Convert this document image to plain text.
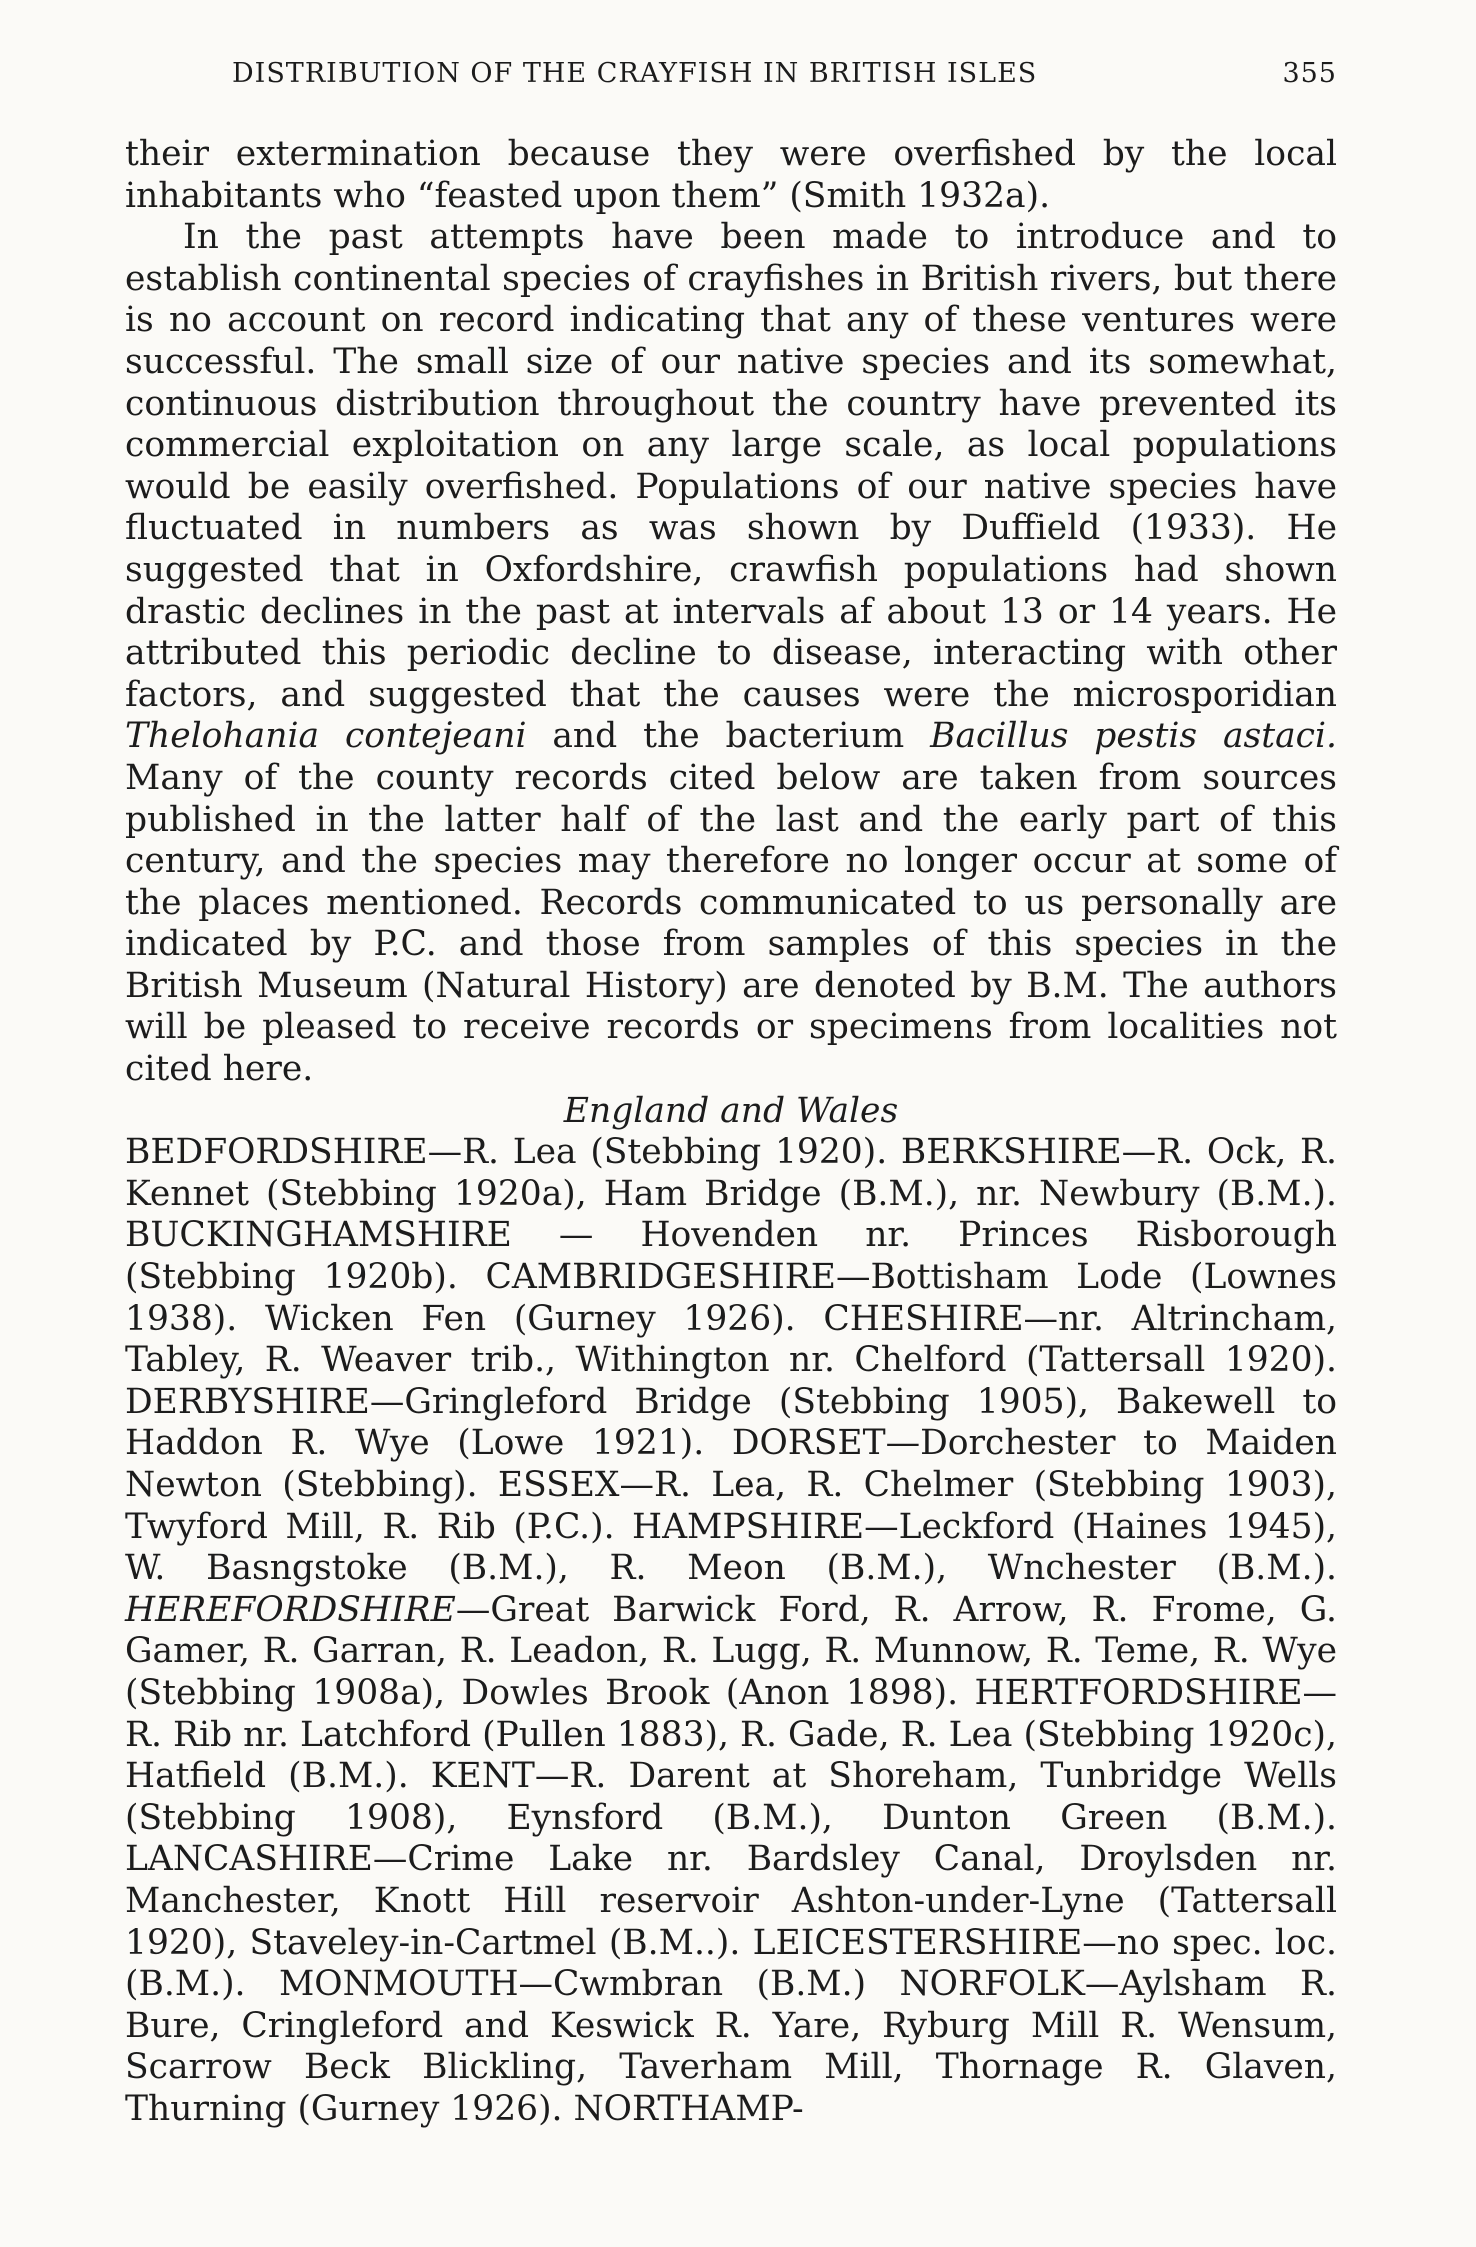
DISTRIBUTION OF THE CRAYFISH IN BRITISH ISLES	355

their extermination because they were overfished by the local inhabitants who “feasted upon them” (Smith 1932a).

In the past attempts have been made to introduce and to establish continental species of crayfishes in British rivers, but there is no account on record indicating that any of these ventures were successful. The small size of our native species and its somewhat, continuous distribution throughout the country have prevented its commercial exploitation on any large scale, as local populations would be easily overfished. Populations of our native species have fluctuated in numbers as was shown by Duffield (1933). He suggested that in Oxfordshire, crawfish populations had shown drastic declines in the past at intervals af about 13 or 14 years. He attributed this periodic decline to disease, interacting with other factors, and suggested that the causes were the microsporidian Thelohania contejeani and the bacterium Bacillus pestis astaci. Many of the county records cited below are taken from sources published in the latter half of the last and the early part of this century, and the species may therefore no longer occur at some of the places mentioned. Records communicated to us personally are indicated by P.C. and those from samples of this species in the British Museum (Natural History) are denoted by B.M. The authors will be pleased to receive records or specimens from localities not cited here.

England and Wales

BEDFORDSHIRE—R. Lea (Stebbing 1920). BERKSHIRE—R. Ock, R. Kennet (Stebbing 1920a), Ham Bridge (B.M.), nr. Newbury (B.M.). BUCKINGHAMSHIRE — Hovenden nr. Princes Risborough (Stebbing 1920b). CAMBRIDGESHIRE—Bottisham Lode (Lownes 1938). Wicken Fen (Gurney 1926). CHESHIRE—nr. Altrincham, Tabley, R. Weaver trib., Withington nr. Chelford (Tattersall 1920). DERBYSHIRE—Gringleford Bridge (Stebbing 1905), Bakewell to Haddon R. Wye (Lowe 1921). DORSET—Dorchester to Maiden Newton (Stebbing). ESSEX—R. Lea, R. Chelmer (Stebbing 1903), Twyford Mill, R. Rib (P.C.). HAMPSHIRE—Leckford (Haines 1945), W. Basngstoke (B.M.), R. Meon (B.M.), Wnchester (B.M.). HEREFORDSHIRE—Great Barwick Ford, R. Arrow, R. Frome, G. Gamer, R. Garran, R. Leadon, R. Lugg, R. Munnow, R. Teme, R. Wye (Stebbing 1908a), Dowles Brook (Anon 1898). HERTFORDSHIRE—R. Rib nr. Latchford (Pullen 1883), R. Gade, R. Lea (Stebbing 1920c), Hatfield (B.M.). KENT—R. Darent at Shoreham, Tunbridge Wells (Stebbing 1908), Eynsford (B.M.), Dunton Green (B.M.). LANCASHIRE—Crime Lake nr. Bardsley Canal, Droylsden nr. Manchester, Knott Hill reservoir Ashton-under-Lyne (Tattersall 1920), Staveley-in-Cartmel (B.M..). LEICESTERSHIRE—no spec. loc. (B.M.). MONMOUTH—Cwmbran (B.M.) NORFOLK—Aylsham R. Bure, Cringleford and Keswick R. Yare, Ryburg Mill R. Wensum, Scarrow Beck Blickling, Taverham Mill, Thornage R. Glaven, Thurning (Gurney 1926). NORTHAMP-
